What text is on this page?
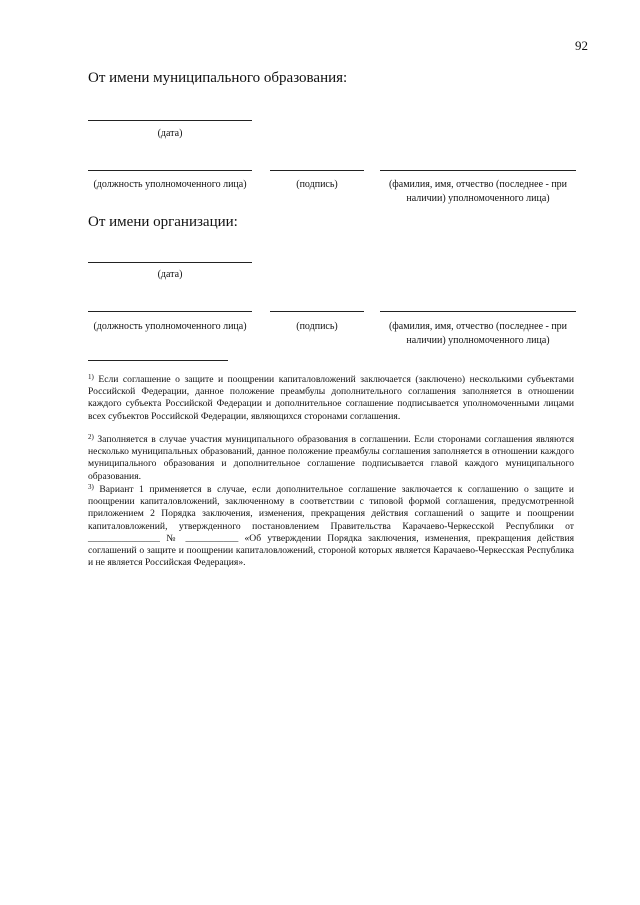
92
От имени муниципального образования:
(дата)
(должность уполномоченного лица)	(подпись)	(фамилия, имя, отчество (последнее - при наличии) уполномоченного лица)
От имени организации:
(дата)
(должность уполномоченного лица)	(подпись)	(фамилия, имя, отчество (последнее - при наличии) уполномоченного лица)
$^{1)}$ Если соглашение о защите и поощрении капиталовложений заключается (заключено) несколькими субъектами Российской Федерации, данное положение преамбулы дополнительного соглашения заполняется в отношении каждого субъекта Российской Федерации и дополнительное соглашение подписывается уполномоченными лицами всех субъектов Российской Федерации, являющихся сторонами соглашения.
$^{2)}$ Заполняется в случае участия муниципального образования в соглашении. Если сторонами соглашения являются несколько муниципальных образований, данное положение преамбулы соглашения заполняется в отношении каждого муниципального образования и дополнительное соглашение подписывается главой каждого муниципального образования.
$^{3)}$ Вариант 1 применяется в случае, если дополнительное соглашение заключается к соглашению о защите и поощрении капиталовложений, заключенному в соответствии с типовой формой соглашения, предусмотренной приложением 2 Порядка заключения, изменения, прекращения действия соглашений о защите и поощрении капиталовложений, утвержденного постановлением Правительства Карачаево-Черкесской Республики от _______________ № ___________ «Об утверждении Порядка заключения, изменения, прекращения действия соглашений о защите и поощрении капиталовложений, стороной которых является Карачаево-Черкесская Республика и не является Российская Федерация».
